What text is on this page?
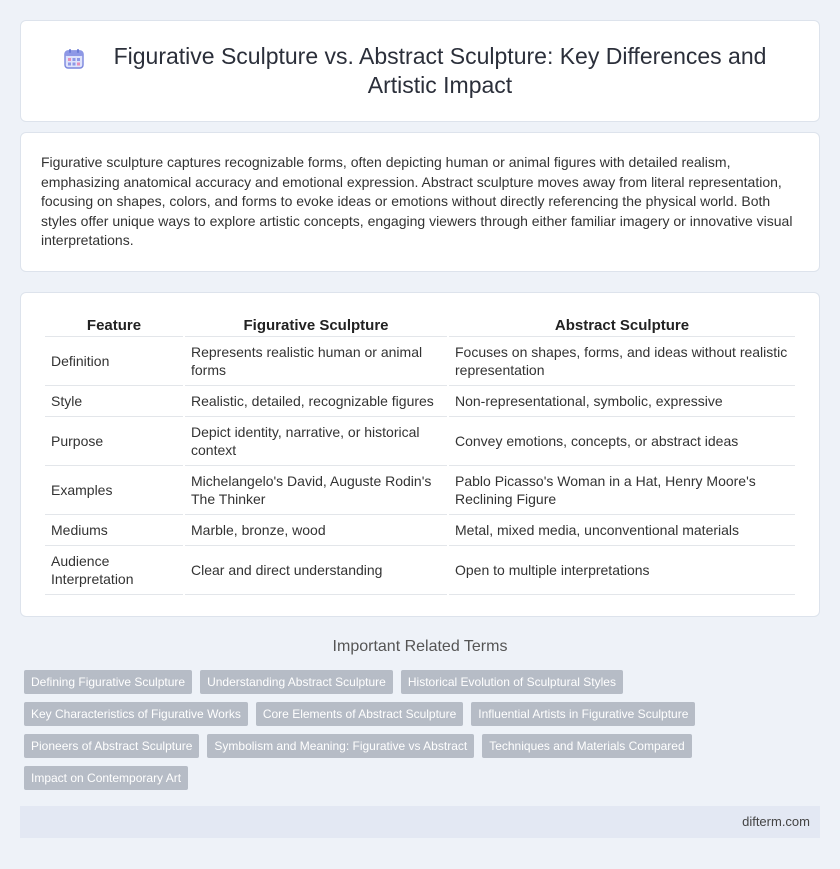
Figurative Sculpture vs. Abstract Sculpture: Key Differences and Artistic Impact

Figurative sculpture captures recognizable forms, often depicting human or animal figures with detailed realism, emphasizing anatomical accuracy and emotional expression. Abstract sculpture moves away from literal representation, focusing on shapes, colors, and forms to evoke ideas or emotions without directly referencing the physical world. Both styles offer unique ways to explore artistic concepts, engaging viewers through either familiar imagery or innovative visual interpretations.

Feature	Figurative Sculpture	Abstract Sculpture
Definition	Represents realistic human or animal forms	Focuses on shapes, forms, and ideas without realistic representation
Style	Realistic, detailed, recognizable figures	Non-representational, symbolic, expressive
Purpose	Depict identity, narrative, or historical context	Convey emotions, concepts, or abstract ideas
Examples	Michelangelo's David, Auguste Rodin's The Thinker	Pablo Picasso's Woman in a Hat, Henry Moore's Reclining Figure
Mediums	Marble, bronze, wood	Metal, mixed media, unconventional materials
Audience Interpretation	Clear and direct understanding	Open to multiple interpretations
Important Related Terms
Defining Figurative Sculpture	Understanding Abstract Sculpture	Historical Evolution of Sculptural Styles
Key Characteristics of Figurative Works	Core Elements of Abstract Sculpture	Influential Artists in Figurative Sculpture
Pioneers of Abstract Sculpture	Symbolism and Meaning: Figurative vs Abstract	Techniques and Materials Compared
Impact on Contemporary Art
difterm.com
